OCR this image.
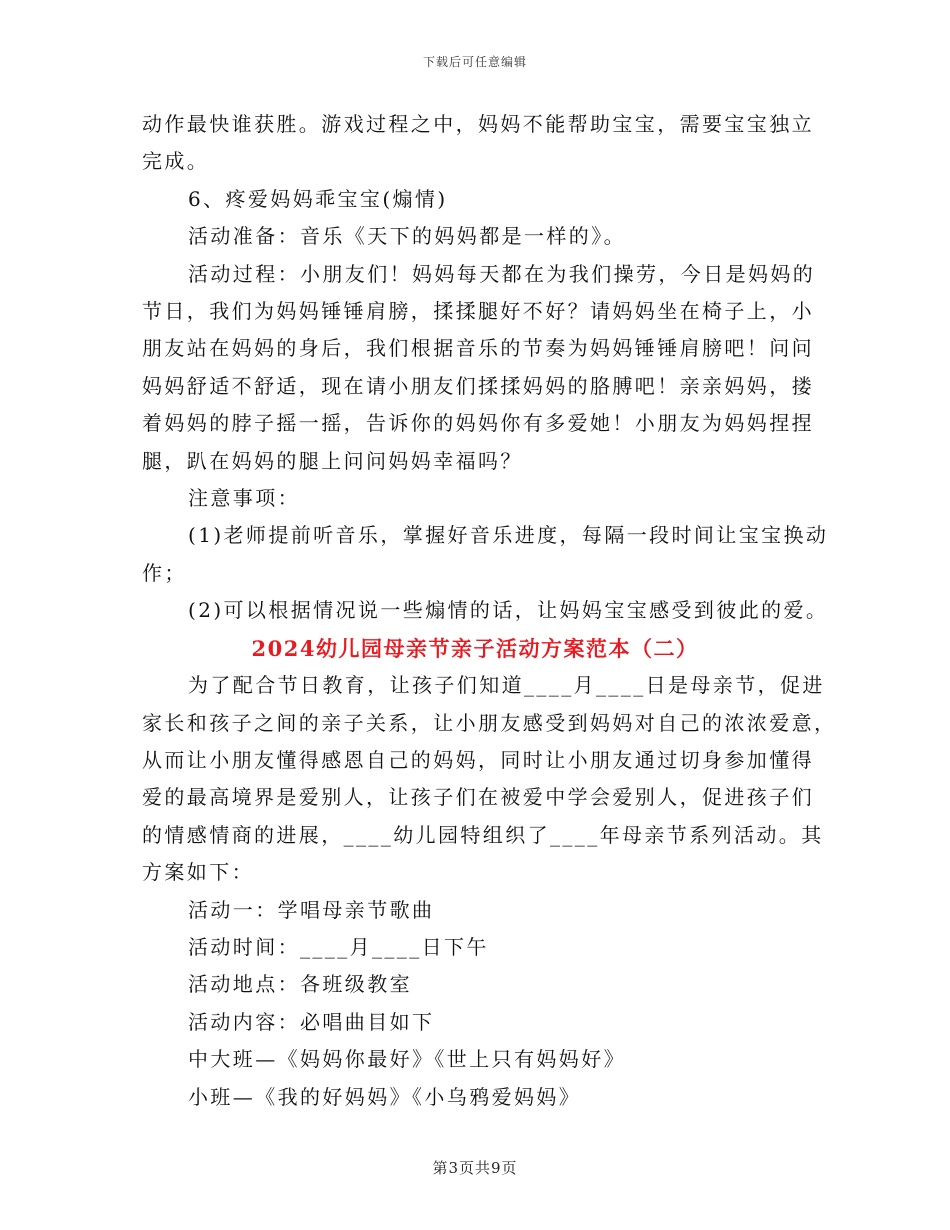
下载后可任意编辑

动作最快谁获胜。游戏过程之中，妈妈不能帮助宝宝，需要宝宝独立

完成。

6、疼爱妈妈乖宝宝(煽情)

活动准备：音乐《天下的妈妈都是一样的》。

活动过程：小朋友们！妈妈每天都在为我们操劳，今日是妈妈的

节日，我们为妈妈锤锤肩膀，揉揉腿好不好？请妈妈坐在椅子上，小

朋友站在妈妈的身后，我们根据音乐的节奏为妈妈锤锤肩膀吧！问问

妈妈舒适不舒适，现在请小朋友们揉揉妈妈的胳膊吧！亲亲妈妈，搂

着妈妈的脖子摇一摇，告诉你的妈妈你有多爱她！小朋友为妈妈捏捏

腿，趴在妈妈的腿上问问妈妈幸福吗？

注意事项：

(1)老师提前听音乐，掌握好音乐进度，每隔一段时间让宝宝换动

作；

(2)可以根据情况说一些煽情的话，让妈妈宝宝感受到彼此的爱。

2024幼儿园母亲节亲子活动方案范本（二）

为了配合节日教育，让孩子们知道____月____日是母亲节，促进

家长和孩子之间的亲子关系，让小朋友感受到妈妈对自己的浓浓爱意，

从而让小朋友懂得感恩自己的妈妈，同时让小朋友通过切身参加懂得

爱的最高境界是爱别人，让孩子们在被爱中学会爱别人，促进孩子们

的情感情商的进展，____幼儿园特组织了____年母亲节系列活动。其

方案如下：

活动一：学唱母亲节歌曲

活动时间：____月____日下午

活动地点：各班级教室

活动内容：必唱曲目如下

中大班—《妈妈你最好》《世上只有妈妈好》

小班—《我的好妈妈》《小乌鸦爱妈妈》

第3页共9页
